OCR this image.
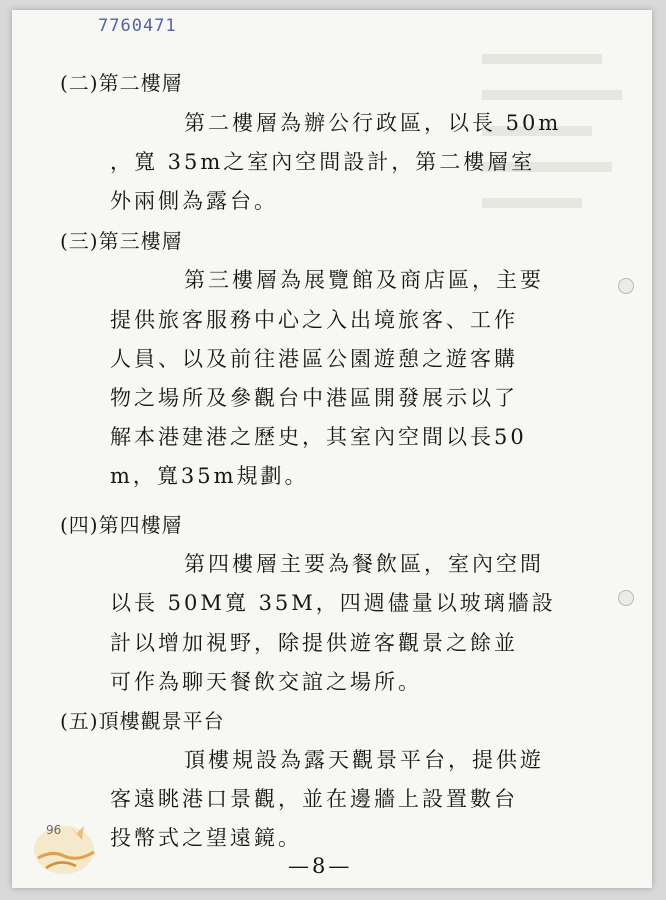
7760471
(二)第二樓層
第二樓層為辦公行政區，以長 50m
，寬 35m之室內空間設計，第二樓層室
外兩側為露台。
(三)第三樓層
第三樓層為展覽館及商店區，主要
提供旅客服務中心之入出境旅客、工作
人員、以及前往港區公園遊憩之遊客購
物之場所及參觀台中港區開發展示以了
解本港建港之歷史，其室內空間以長50
m，寬35m規劃。
(四)第四樓層
第四樓層主要為餐飲區，室內空間
以長 50M寬 35M，四週儘量以玻璃牆設
計以增加視野，除提供遊客觀景之餘並
可作為聊天餐飲交誼之場所。
(五)頂樓觀景平台
頂樓規設為露天觀景平台，提供遊
客遠眺港口景觀，並在邊牆上設置數台
投幣式之望遠鏡。
—8—
96
